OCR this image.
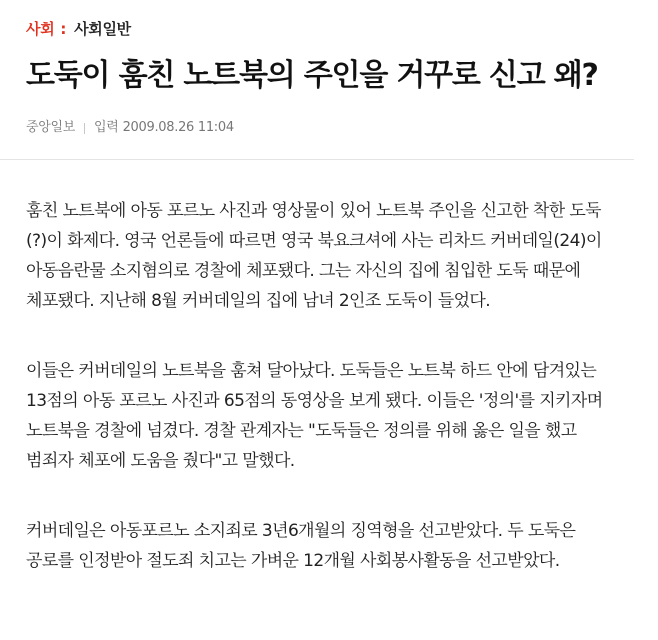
사회 : 사회일반
도둑이 훔친 노트북의 주인을 거꾸로 신고 왜?
중앙일보 입력 2009.08.26 11:04

훔친 노트북에 아동 포르노 사진과 영상물이 있어 노트북 주인을 신고한 착한 도둑
(?)이 화제다. 영국 언론들에 따르면 영국 북요크셔에 사는 리차드 커버데일(24)이
아동음란물 소지혐의로 경찰에 체포됐다. 그는 자신의 집에 침입한 도둑 때문에
체포됐다. 지난해 8월 커버데일의 집에 남녀 2인조 도둑이 들었다.

이들은 커버데일의 노트북을 훔쳐 달아났다. 도둑들은 노트북 하드 안에 담겨있는
13점의 아동 포르노 사진과 65점의 동영상을 보게 됐다. 이들은 '정의'를 지키자며
노트북을 경찰에 넘겼다. 경찰 관계자는 "도둑들은 정의를 위해 옳은 일을 했고
범죄자 체포에 도움을 줬다"고 말했다.

커버데일은 아동포르노 소지죄로 3년6개월의 징역형을 선고받았다. 두 도둑은
공로를 인정받아 절도죄 치고는 가벼운 12개월 사회봉사활동을 선고받았다.
